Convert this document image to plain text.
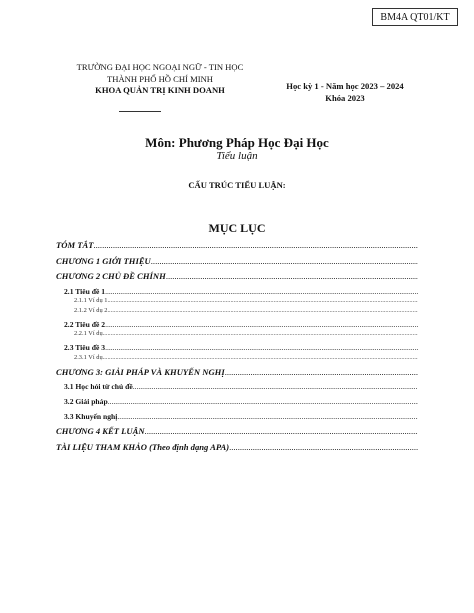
BM4A QT01/KT
TRƯỜNG ĐẠI HỌC NGOẠI NGỮ - TIN HỌC
THÀNH PHỐ HỒ CHÍ MINH
KHOA QUẢN TRỊ KINH DOANH	Học kỳ 1 - Năm học 2023 – 2024
Khóa 2023
Môn: Phương Pháp Học Đại Học
Tiểu luận
CẤU TRÚC TIỂU LUẬN:
MỤC LỤC
TÓM TẮT
.....
CHƯƠNG 1 GIỚI THIỆU
.....
CHƯƠNG 2 CHỦ ĐỀ CHÍNH
.....
2.1 Tiêu đề 1
.....
2.1.1 Ví dụ 1
.....
2.1.2 Ví dụ 2
.....
2.2 Tiêu đề 2
.....
2.2.1 Ví dụ
.....
2.3 Tiêu đề 3
.....
2.3.1 Ví dụ
.....
CHƯƠNG 3: GIẢI PHÁP VÀ KHUYẾN NGHỊ
.....
3.1 Học hỏi từ chủ đề
.....
3.2 Giải pháp
.....
3.3 Khuyến nghị
.....
CHƯƠNG 4 KẾT LUẬN
.....
TÀI LIỆU THAM KHẢO (Theo định dạng APA)
.....
